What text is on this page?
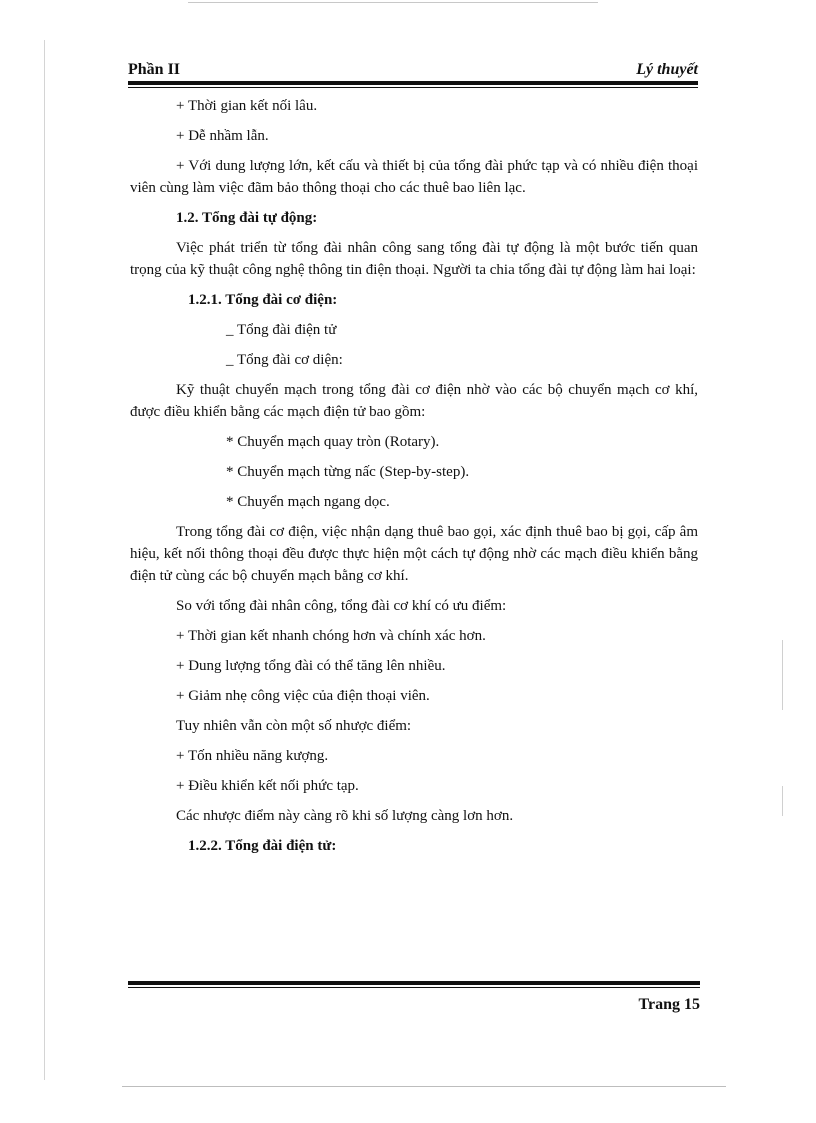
Phần II	Lý thuyết

+ Thời gian kết nối lâu.

+ Dễ nhầm lẫn.

+ Với dung lượng lớn, kết cấu và thiết bị của tổng đài phức tạp và có nhiều điện thoại viên cùng làm việc đãm bảo thông thoại cho các thuê bao liên lạc.

1.2. Tổng đài tự động:

Việc phát triển từ tổng đài nhân công sang tổng đài tự động là một bước tiến quan trọng của kỹ thuật công nghệ thông tin điện thoại. Người ta chia tổng đài tự động làm hai loại:

1.2.1. Tổng đài cơ điện:

_ Tổng đài điện tử

_ Tổng đài cơ diện:

Kỹ thuật chuyển mạch trong tổng đài cơ điện nhờ vào các bộ chuyển mạch cơ khí, được điều khiển bằng các mạch điện tử bao gồm:

* Chuyển mạch quay tròn (Rotary).

* Chuyển mạch từng nấc (Step-by-step).

* Chuyển mạch ngang dọc.

Trong tổng đài cơ điện, việc nhận dạng thuê bao gọi, xác định thuê bao bị gọi, cấp âm hiệu, kết nối thông thoại đều được thực hiện một cách tự động nhờ các mạch điều khiển bằng điện tử cùng các bộ chuyển mạch bằng cơ khí.

So với tổng đài nhân công, tổng đài cơ khí có ưu điểm:

+ Thời gian kết nhanh chóng hơn và chính xác hơn.

+ Dung lượng tổng đài có thể tăng lên nhiều.

+ Giảm nhẹ công việc của điện thoại viên.

Tuy nhiên vẫn còn một số nhược điểm:

+ Tốn nhiều năng kượng.

+ Điều khiển kết nối phức tạp.

Các nhược điểm này càng rõ khi số lượng càng lơn hơn.

1.2.2. Tổng đài điện tử:

Trang 15
